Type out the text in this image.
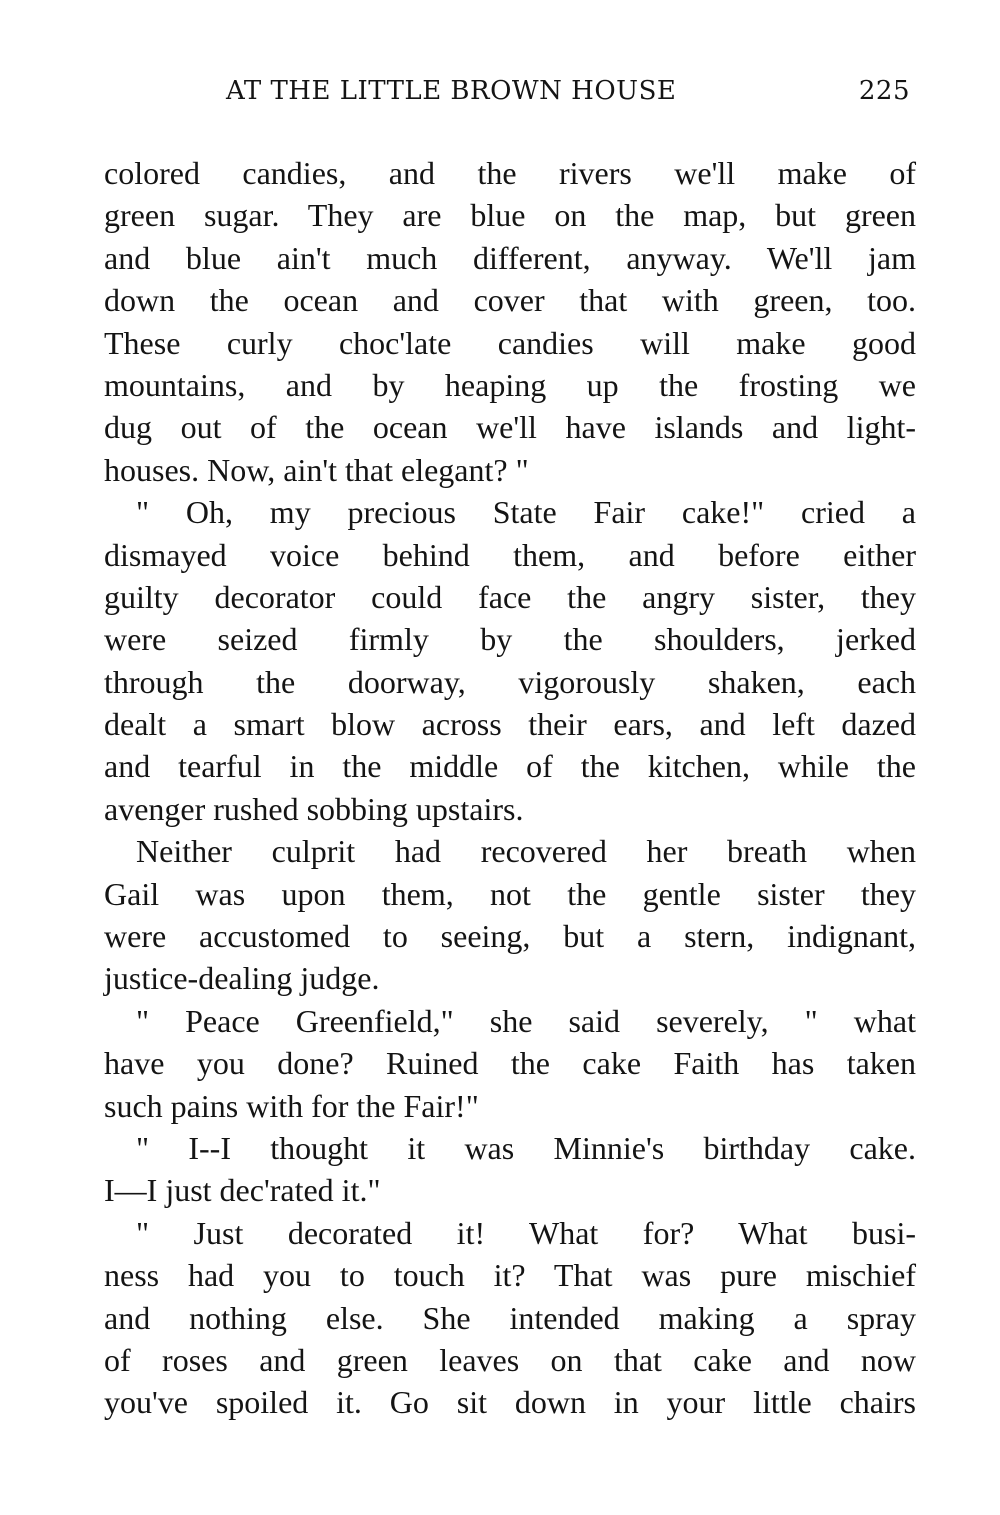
AT THE LITTLE BROWN HOUSE	225

colored candies, and the rivers we'll make of
green sugar. They are blue on the map, but green
and blue ain't much different, anyway. We'll jam
down the ocean and cover that with green, too.
These curly choc'late candies will make good
mountains, and by heaping up the frosting we
dug out of the ocean we'll have islands and light-
houses. Now, ain't that elegant? "

" Oh, my precious State Fair cake!" cried a
dismayed voice behind them, and before either
guilty decorator could face the angry sister, they
were seized firmly by the shoulders, jerked
through the doorway, vigorously shaken, each
dealt a smart blow across their ears, and left dazed
and tearful in the middle of the kitchen, while the
avenger rushed sobbing upstairs.

Neither culprit had recovered her breath when
Gail was upon them, not the gentle sister they
were accustomed to seeing, but a stern, indignant,
justice-dealing judge.

" Peace Greenfield," she said severely, " what
have you done? Ruined the cake Faith has taken
such pains with for the Fair!"

" I--I thought it was Minnie's birthday cake.
I—I just dec'rated it."

" Just decorated it! What for? What busi-
ness had you to touch it? That was pure mischief
and nothing else. She intended making a spray
of roses and green leaves on that cake and now
you've spoiled it. Go sit down in your little chairs
